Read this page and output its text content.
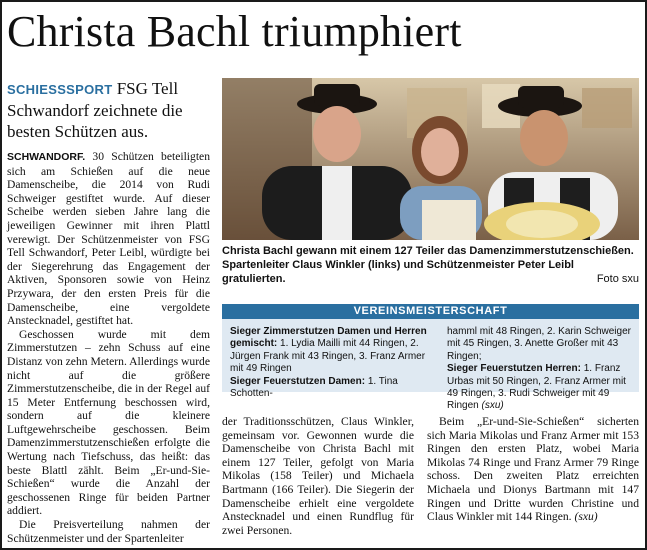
Christa Bachl triumphiert
SCHIESSSPORT FSG Tell Schwandorf zeichnete die besten Schützen aus.

SCHWANDORF. 30 Schützen beteiligten sich am Schießen auf die neue Damenscheibe, die 2014 von Rudi Schweiger gestiftet wurde. Auf dieser Scheibe werden sieben Jahre lang die jeweiligen Gewinner mit ihren Plattl verewigt. Der Schützenmeister von FSG Tell Schwandorf, Peter Leibl, würdigte bei der Siegerehrung das Engagement der Aktiven, Sponsoren sowie von Heinz Przywara, der den ersten Preis für die Damenscheibe, eine vergoldete Anstecknadel, gestiftet hat.

Geschossen wurde mit dem Zimmerstutzen – zehn Schuss auf eine Distanz von zehn Metern. Allerdings wurde nicht auf die größere Zimmerstutzenscheibe, die in der Regel auf 15 Meter Entfernung beschossen wird, sondern auf die kleinere Luftgewehrscheibe geschossen. Beim Damenzimmerstutzenschießen erfolgte die Wertung nach Tiefschuss, das heißt: das beste Blattl zählt. Beim „Er-und-Sie-Schießen“ wurde die Anzahl der geschossenen Ringe für beiden Partner addiert.

Die Preisverteilung nahmen der Schützenmeister und der Spartenleiter

Christa Bachl gewann mit einem 127 Teiler das Damenzimmerstutzenschießen. Spartenleiter Claus Winkler (links) und Schützenmeister Peter Leibl gratulierten.	Foto sxu
VEREINSMEISTERSCHAFT
Sieger Zimmerstutzen Damen und Herren gemischt: 1. Lydia Mailli mit 44 Ringen, 2. Jürgen Frank mit 43 Ringen, 3. Franz Armer mit 49 Ringen
Sieger Feuerstutzen Damen: 1. Tina Schotten-
hamml mit 48 Ringen, 2. Karin Schweiger mit 45 Ringen, 3. Anette Großer mit 43 Ringen;
Sieger Feuerstutzen Herren: 1. Franz Urbas mit 50 Ringen, 2. Franz Armer mit 49 Ringen, 3. Rudi Schweiger mit 49 Ringen (sxu)

der Traditionsschützen, Claus Winkler, gemeinsam vor. Gewonnen wurde die Damenscheibe von Christa Bachl mit einem 127 Teiler, gefolgt von Maria Mikolas (158 Teiler) und Michaela Bartmann (166 Teiler). Die Siegerin der Damenscheibe erhielt eine vergoldete Anstecknadel und einen Rundflug für zwei Personen.

Beim „Er-und-Sie-Schießen“ sicherten sich Maria Mikolas und Franz Armer mit 153 Ringen den ersten Platz, wobei Maria Mikolas 74 Ringe und Franz Armer 79 Ringe schoss. Den zweiten Platz erreichten Michaela und Dionys Bartmann mit 147 Ringen und Dritte wurden Christine und Claus Winkler mit 144 Ringen. (sxu)
